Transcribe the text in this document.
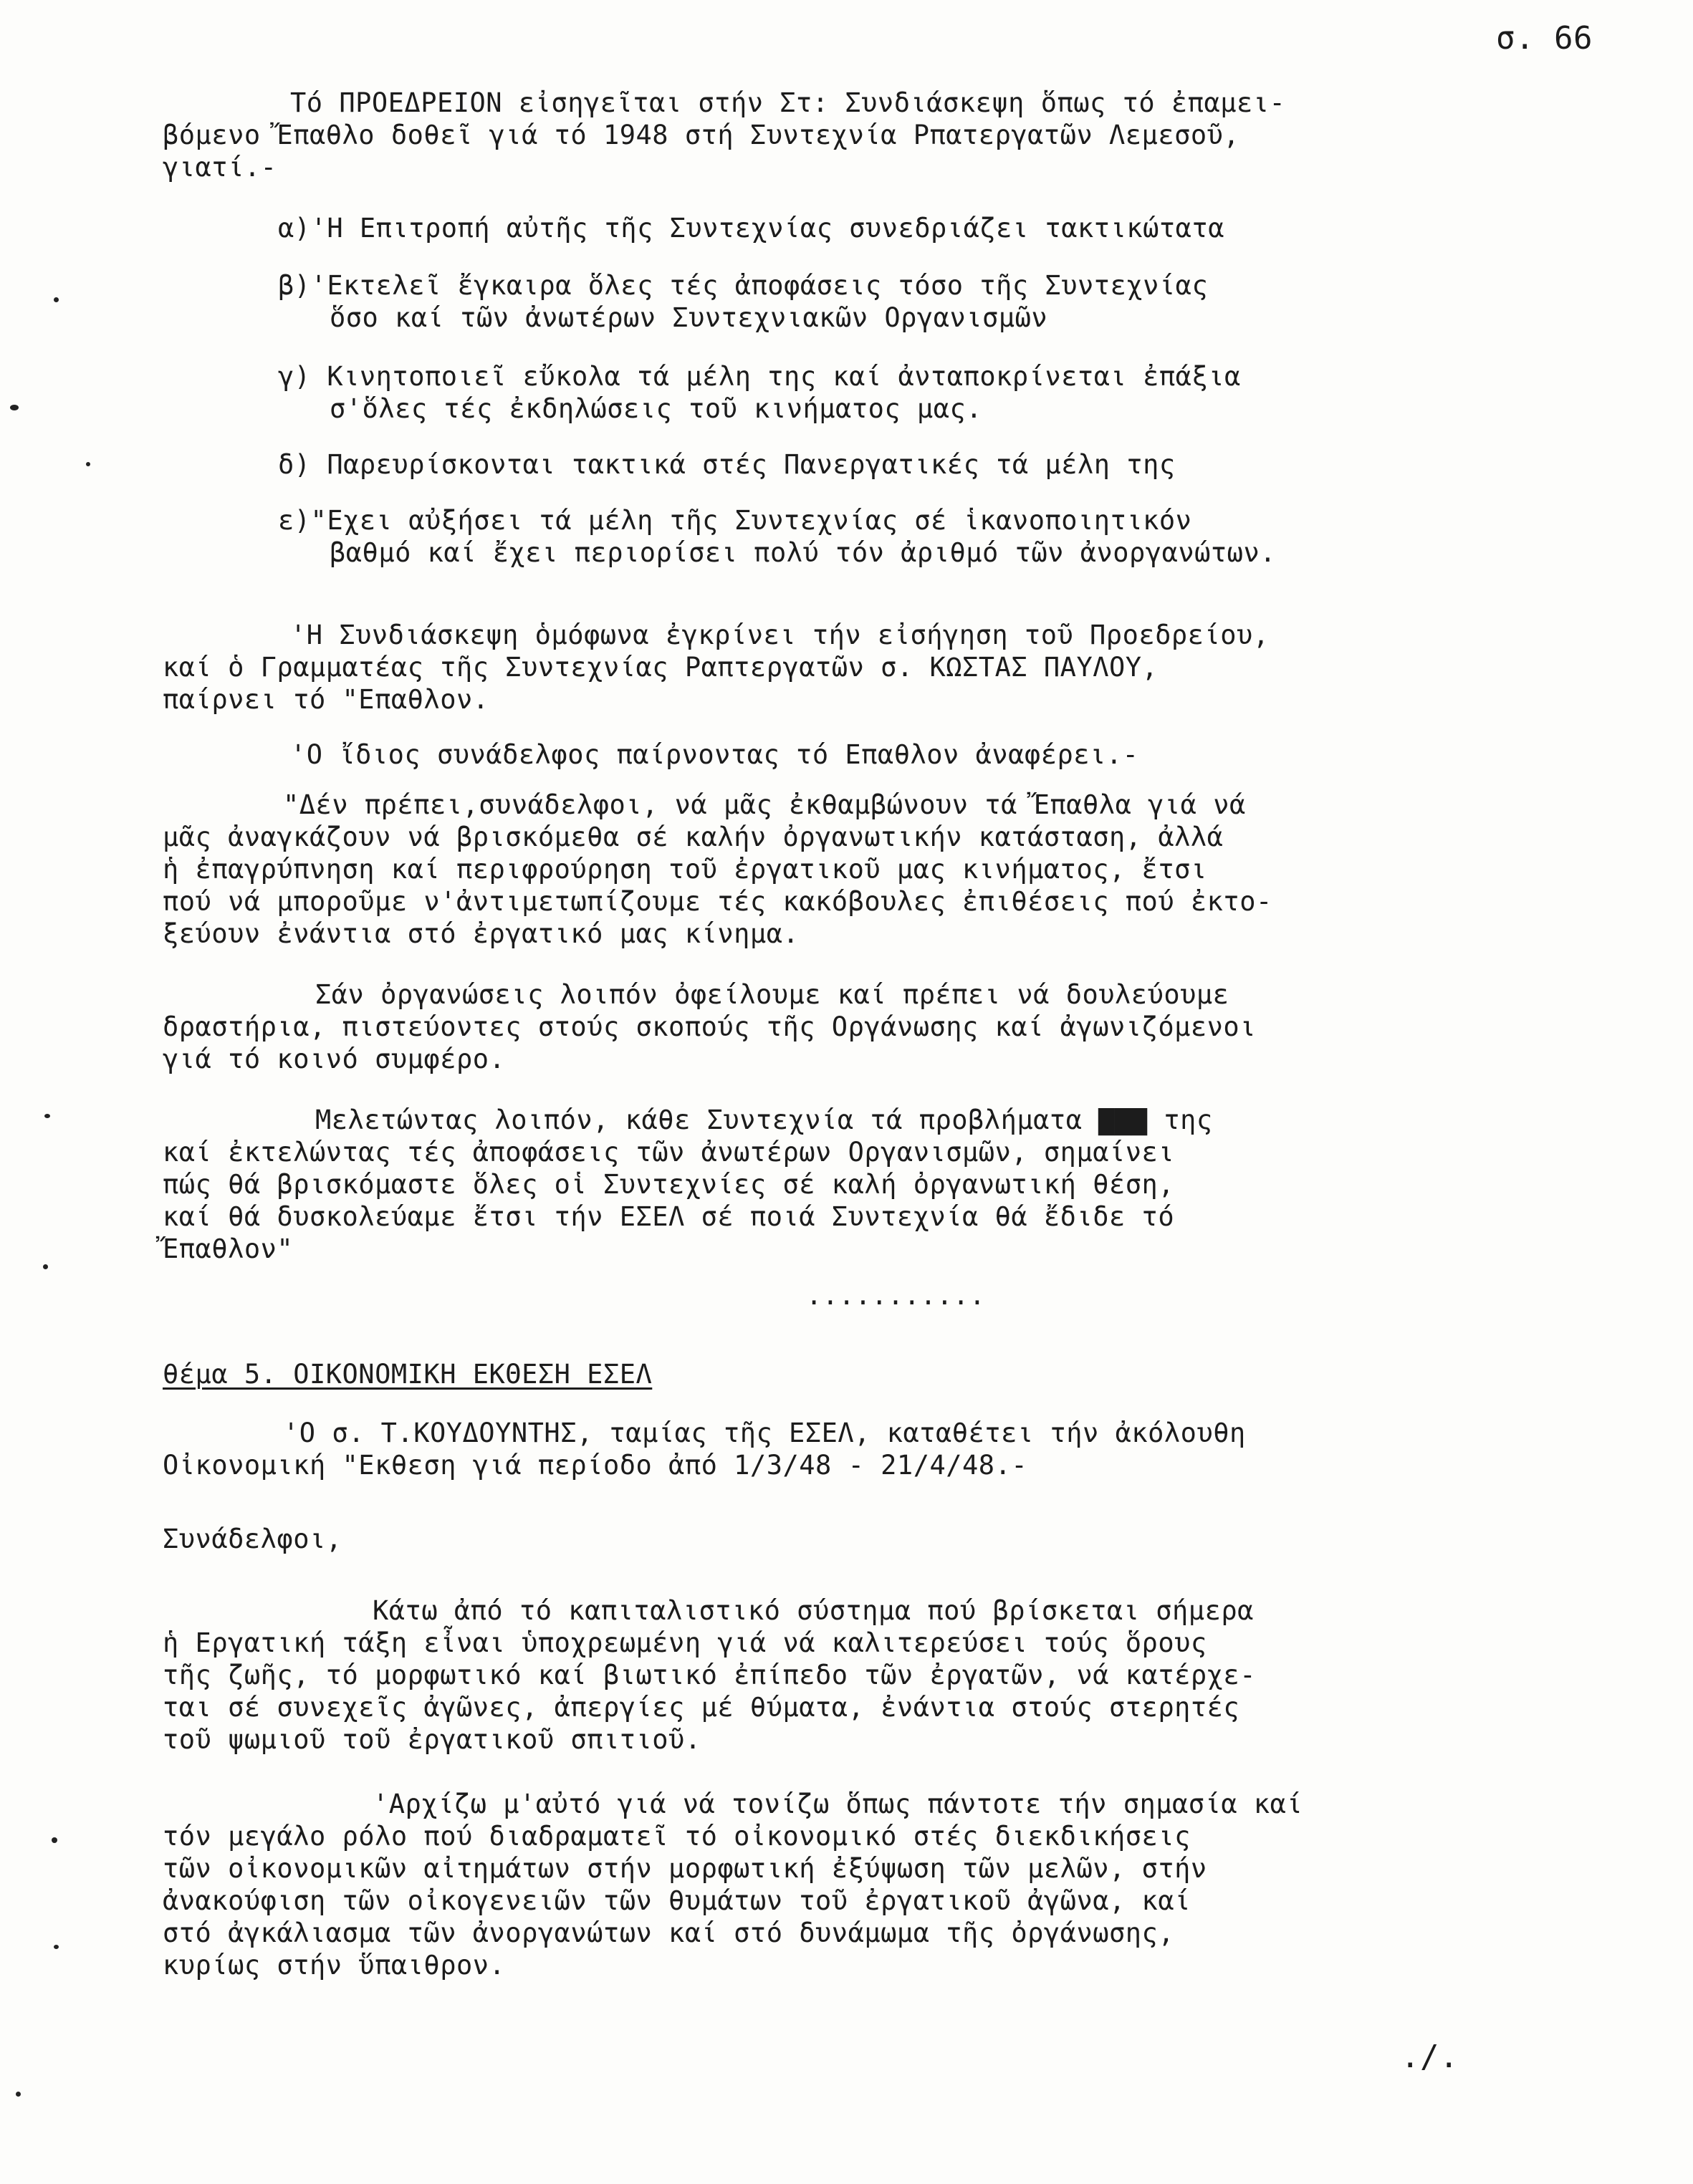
σ. 66
Τό ΠΡΟΕΔΡΕΙΟΝ εἰσηγεῖται στήν Στ: Συνδιάσκεψη ὅπως τό ἐπαμει-
βόμενο Ἔπαθλο δοθεῖ γιά τό 1948 στή Συντεχνία Ρπατεργατῶν Λεμεσοῦ,
γιατί.-
α)'Η Επιτροπή αὐτῆς τῆς Συντεχνίας συνεδριάζει τακτικώτατα
β)'Εκτελεῖ ἔγκαιρα ὅλες τές ἀποφάσεις τόσο τῆς Συντεχνίας
ὅσο καί τῶν ἀνωτέρων Συντεχνιακῶν Οργανισμῶν
γ) Κινητοποιεῖ εὔκολα τά μέλη της καί ἀνταποκρίνεται ἐπάξια
σ'ὅλες τές ἐκδηλώσεις τοῦ κινήματος μας.
δ) Παρευρίσκονται τακτικά στές Πανεργατικές τά μέλη της
ε)"Εχει αὐξήσει τά μέλη τῆς Συντεχνίας σέ ἱκανοποιητικόν
βαθμό καί ἔχει περιορίσει πολύ τόν ἀριθμό τῶν ἀνοργανώτων.
'Η Συνδιάσκεψη ὁμόφωνα ἐγκρίνει τήν εἰσήγηση τοῦ Προεδρείου,
καί ὁ Γραμματέας τῆς Συντεχνίας Ραπτεργατῶν σ. ΚΩΣΤΑΣ ΠΑΥΛΟΥ,
παίρνει τό "Επαθλον.
'Ο ἴδιος συνάδελφος παίρνοντας τό Επαθλον ἀναφέρει.-
"Δέν πρέπει,συνάδελφοι, νά μᾶς ἐκθαμβώνουν τά Ἔπαθλα γιά νά
μᾶς ἀναγκάζουν νά βρισκόμεθα σέ καλήν ὀργανωτικήν κατάσταση, ἀλλά
ἡ ἐπαγρύπνηση καί περιφρούρηση τοῦ ἐργατικοῦ μας κινήματος, ἔτσι
πού νά μποροῦμε ν'ἀντιμετωπίζουμε τές κακόβουλες ἐπιθέσεις πού ἐκτο-
ξεύουν ἐνάντια στό ἐργατικό μας κίνημα.
Σάν ὀργανώσεις λοιπόν ὀφείλουμε καί πρέπει νά δουλεύουμε
δραστήρια, πιστεύοντες στούς σκοπούς τῆς Οργάνωσης καί ἀγωνιζόμενοι
γιά τό κοινό συμφέρο.
Μελετώντας λοιπόν, κάθε Συντεχνία τά προβλήματα ▇▇▇ της
καί ἐκτελώντας τές ἀποφάσεις τῶν ἀνωτέρων Οργανισμῶν, σημαίνει
πώς θά βρισκόμαστε ὅλες οἱ Συντεχνίες σέ καλή ὀργανωτική θέση,
καί θά δυσκολεύαμε ἔτσι τήν ΕΣΕΛ σέ ποιά Συντεχνία θά ἔδιδε τό
Ἔπαθλον"
...........
θέμα 5. ΟΙΚΟΝΟΜΙΚΗ ΕΚΘΕΣΗ ΕΣΕΛ
'Ο σ. Τ.ΚΟΥΔΟΥΝΤΗΣ, ταμίας τῆς ΕΣΕΛ, καταθέτει τήν ἀκόλουθη
Οἰκονομική "Εκθεση γιά περίοδο ἀπό 1/3/48 - 21/4/48.-
Συνάδελφοι,
Κάτω ἀπό τό καπιταλιστικό σύστημα πού βρίσκεται σήμερα
ἡ Εργατική τάξη εἶναι ὑποχρεωμένη γιά νά καλιτερεύσει τούς ὅρους
τῆς ζωῆς, τό μορφωτικό καί βιωτικό ἐπίπεδο τῶν ἐργατῶν, νά κατέρχε-
ται σέ συνεχεῖς ἀγῶνες, ἀπεργίες μέ θύματα, ἐνάντια στούς στερητές
τοῦ ψωμιοῦ τοῦ ἐργατικοῦ σπιτιοῦ.
'Αρχίζω μ'αὐτό γιά νά τονίζω ὅπως πάντοτε τήν σημασία καί
τόν μεγάλο ρόλο πού διαδραματεῖ τό οἰκονομικό στές διεκδικήσεις
τῶν οἰκονομικῶν αἰτημάτων στήν μορφωτική ἐξύψωση τῶν μελῶν, στήν
ἀνακούφιση τῶν οἰκογενειῶν τῶν θυμάτων τοῦ ἐργατικοῦ ἀγῶνα, καί
στό ἀγκάλιασμα τῶν ἀνοργανώτων καί στό δυνάμωμα τῆς ὀργάνωσης,
κυρίως στήν ὕπαιθρον.
./.
